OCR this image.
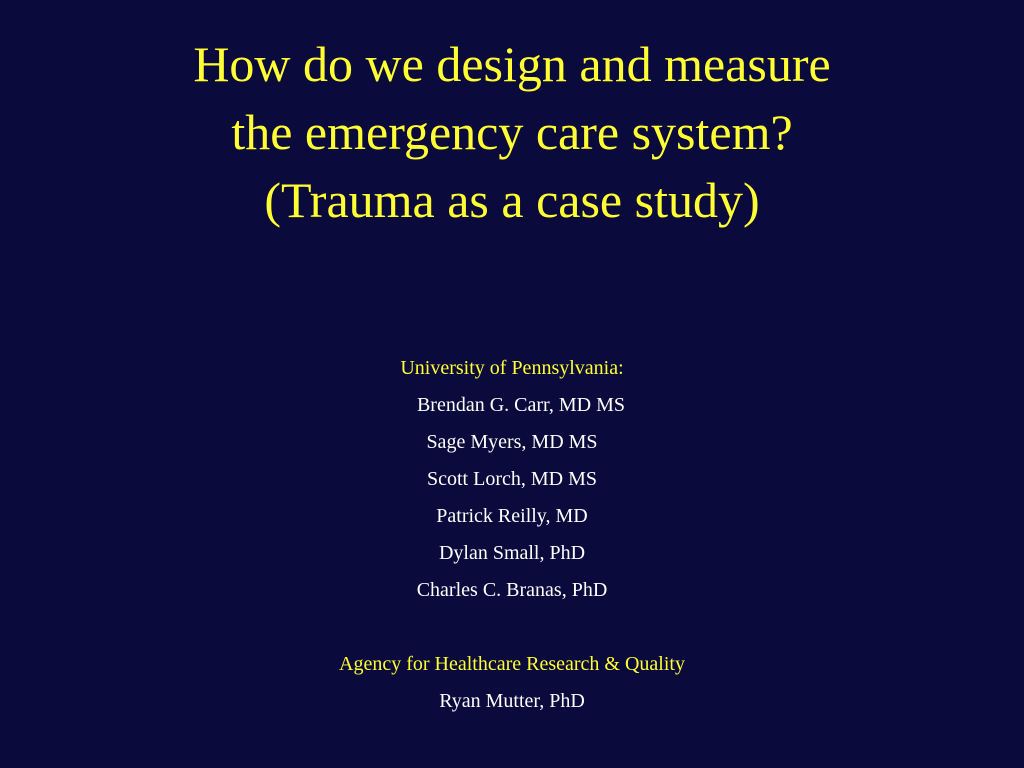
How do we design and measure
the emergency care system?
(Trauma as a case study)
University of Pennsylvania:
Brendan G. Carr, MD MS
Sage Myers, MD MS
Scott Lorch, MD MS
Patrick Reilly, MD
Dylan Small, PhD
Charles C. Branas, PhD
Agency for Healthcare Research & Quality
Ryan Mutter, PhD
